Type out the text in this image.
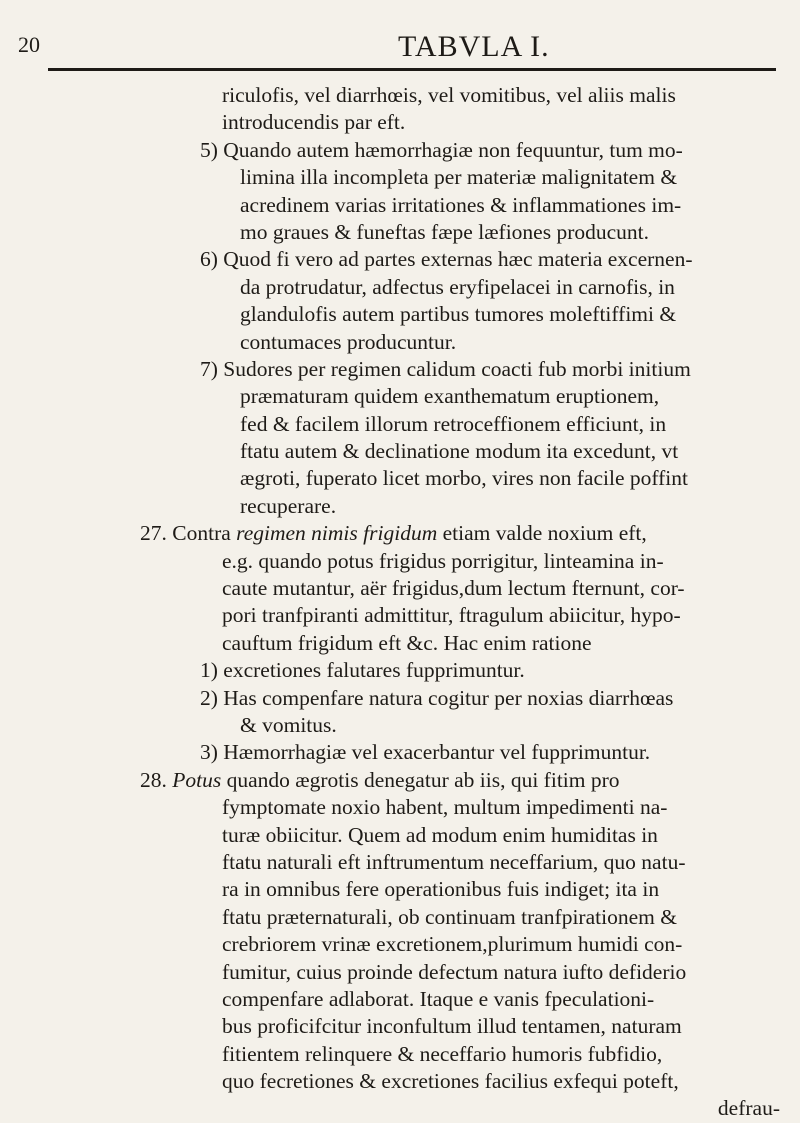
20	TABVLA I.
riculofis, vel diarrhœis, vel vomitibus, vel aliis malis
introducendis par eft.
5) Quando autem hæmorrhagiæ non fequuntur, tum mo-
limina illa incompleta per materiæ malignitatem &
acredinem varias irritationes & inflammationes im-
mo graues & funeftas fæpe læfiones producunt.
6) Quod fi vero ad partes externas hæc materia excernen-
da protrudatur, adfectus eryfipelacei in carnofis, in
glandulofis autem partibus tumores moleftiffimi &
contumaces producuntur.
7) Sudores per regimen calidum coacti fub morbi initium
præmaturam quidem exanthematum eruptionem,
fed & facilem illorum retroceffionem efficiunt, in
ftatu autem & declinatione modum ita excedunt, vt
ægroti, fuperato licet morbo, vires non facile poffint
recuperare.
27. Contra regimen nimis frigidum etiam valde noxium eft,
e.g. quando potus frigidus porrigitur, linteamina in-
caute mutantur, aër frigidus,dum lectum fternunt, cor-
pori tranfpiranti admittitur, ftragulum abiicitur, hypo-
cauftum frigidum eft &c. Hac enim ratione
1) excretiones falutares fupprimuntur.
2) Has compenfare natura cogitur per noxias diarrhœas
& vomitus.
3) Hæmorrhagiæ vel exacerbantur vel fupprimuntur.
28. Potus quando ægrotis denegatur ab iis, qui fitim pro
fymptomate noxio habent, multum impedimenti na-
turæ obiicitur. Quem ad modum enim humiditas in
ftatu naturali eft inftrumentum neceffarium, quo natu-
ra in omnibus fere operationibus fuis indiget; ita in
ftatu præternaturali, ob continuam tranfpirationem &
crebriorem vrinæ excretionem,plurimum humidi con-
fumitur, cuius proinde defectum natura iufto defiderio
compenfare adlaborat. Itaque e vanis fpeculationi-
bus proficifcitur inconfultum illud tentamen, naturam
fitientem relinquere & neceffario humoris fubfidio,
quo fecretiones & excretiones facilius exfequi poteft,
defrau-
